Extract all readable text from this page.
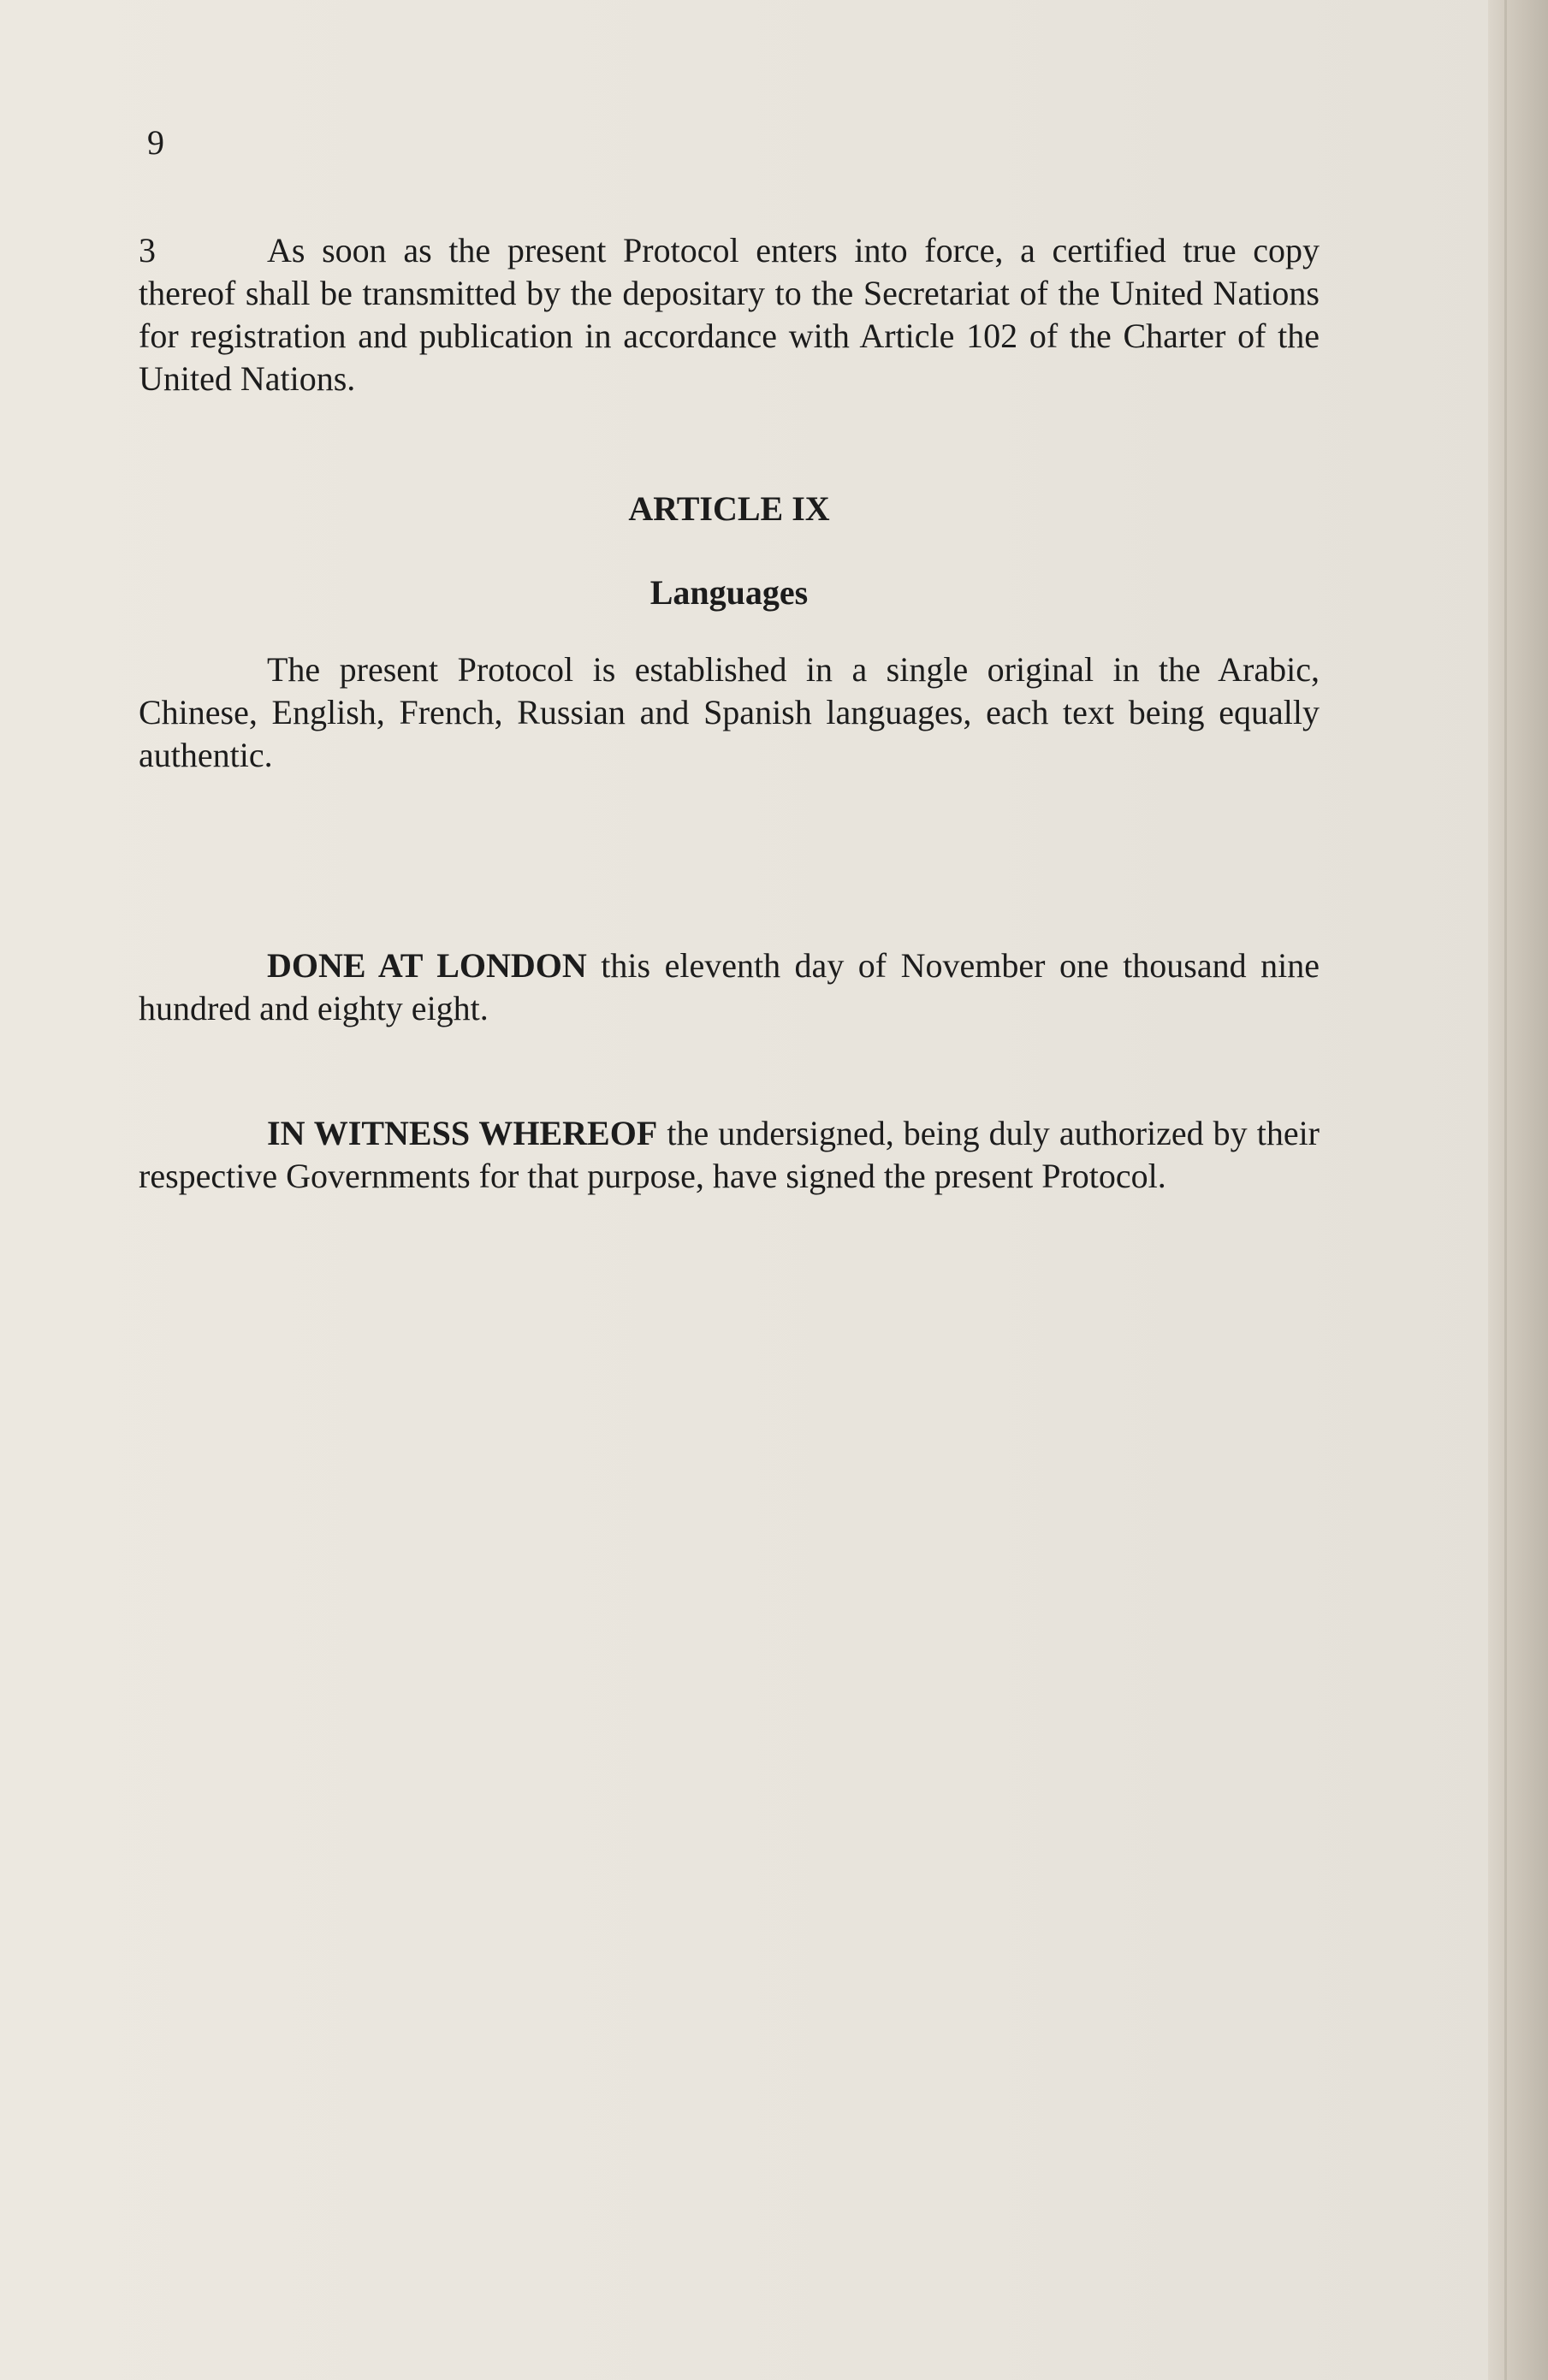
9
3	As soon as the present Protocol enters into force, a certified true copy thereof shall be transmitted by the depositary to the Secretariat of the United Nations for registration and publication in accordance with Article 102 of the Charter of the United Nations.
ARTICLE IX
Languages
The present Protocol is established in a single original in the Arabic, Chinese, English, French, Russian and Spanish languages, each text being equally authentic.
DONE AT LONDON this eleventh day of November one thousand nine hundred and eighty eight.
IN WITNESS WHEREOF the undersigned, being duly authorized by their respective Governments for that purpose, have signed the present Protocol.
